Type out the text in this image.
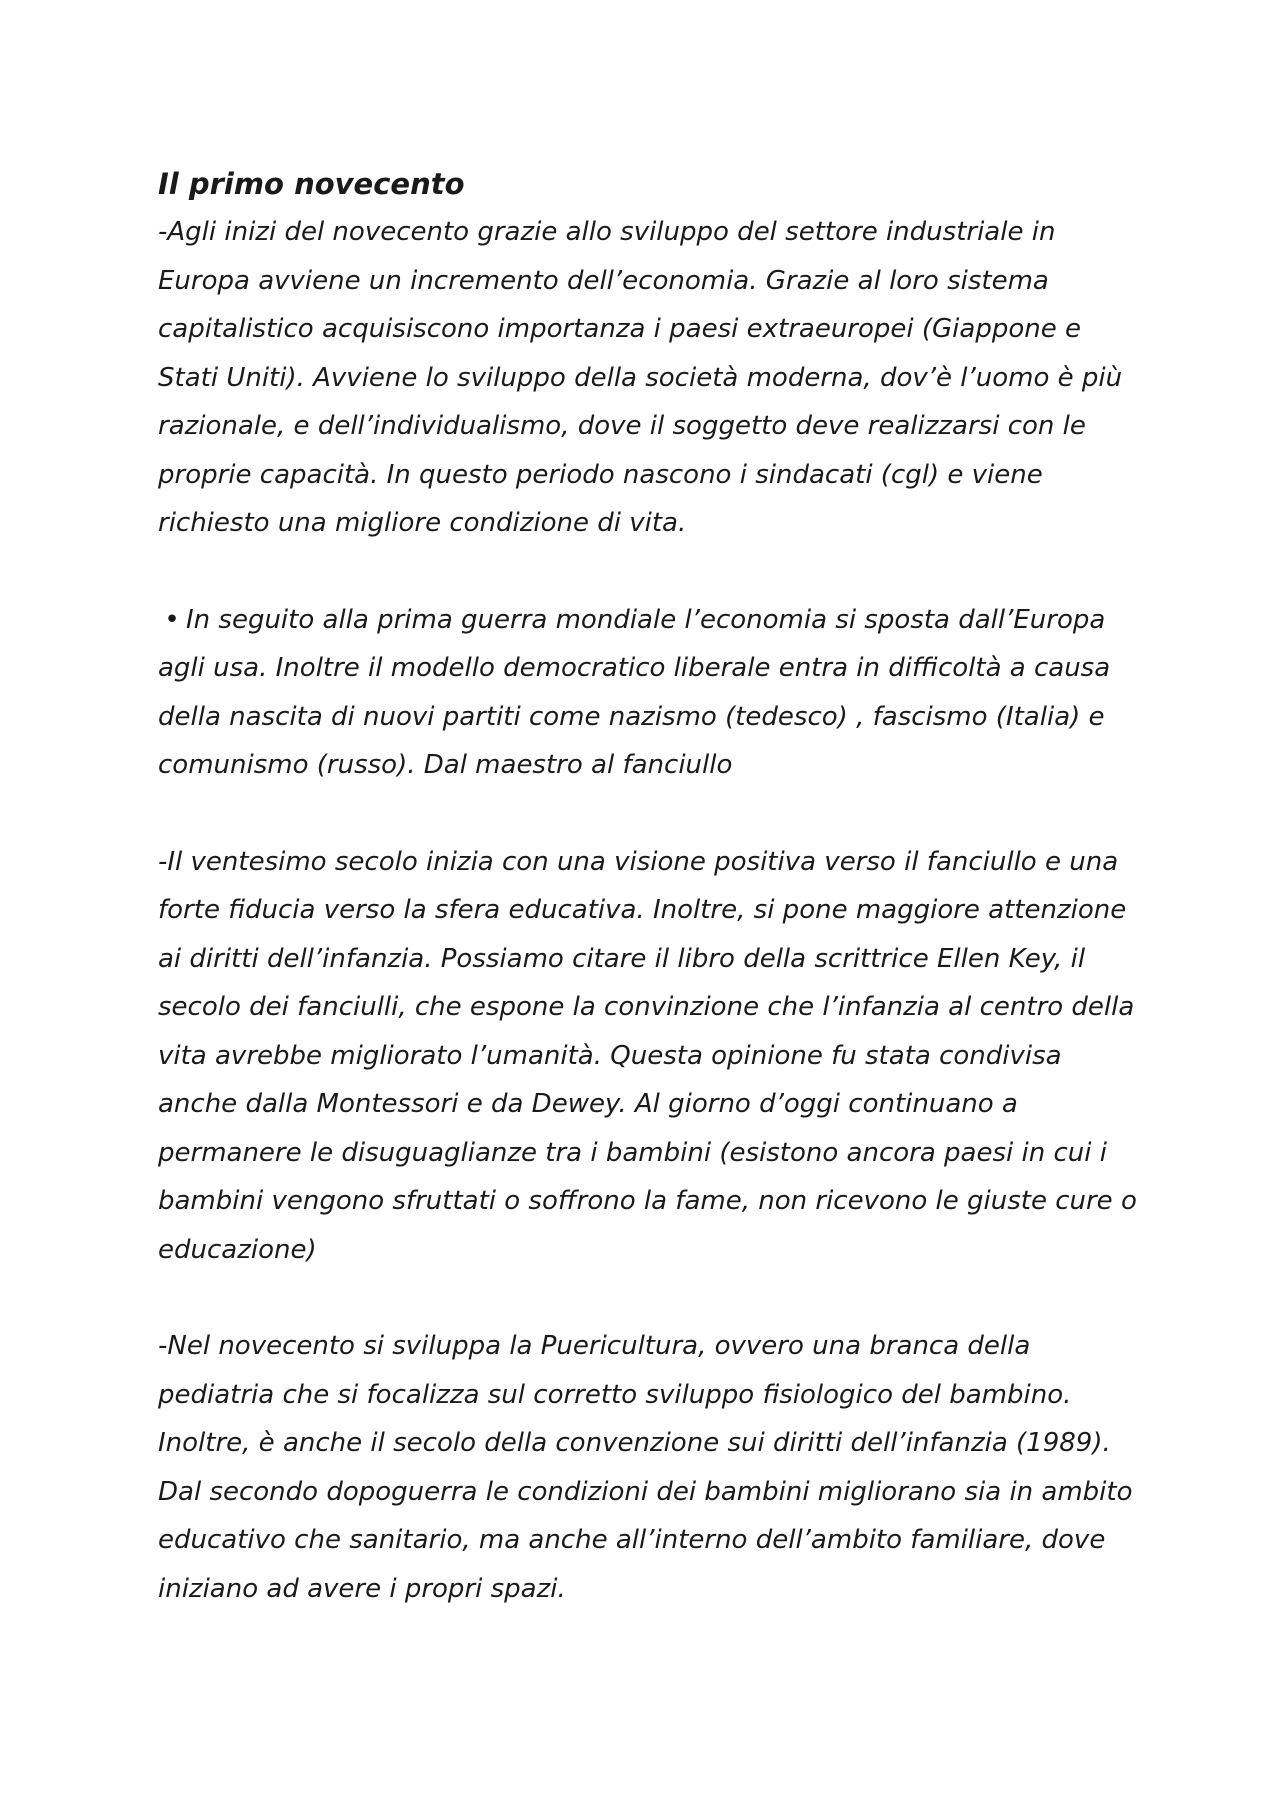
Il primo novecento

-Agli inizi del novecento grazie allo sviluppo del settore industriale in Europa avviene un incremento dell’economia. Grazie al loro sistema capitalistico acquisiscono importanza i paesi extraeuropei (Giappone e Stati Uniti). Avviene lo sviluppo della società moderna, dov’è l’uomo è più razionale, e dell’individualismo, dove il soggetto deve realizzarsi con le proprie capacità. In questo periodo nascono i sindacati (cgl) e viene richiesto una migliore condizione di vita.

• In seguito alla prima guerra mondiale l’economia si sposta dall’Europa agli usa. Inoltre il modello democratico liberale entra in difficoltà a causa della nascita di nuovi partiti come nazismo (tedesco) , fascismo (Italia) e comunismo (russo). Dal maestro al fanciullo

-Il ventesimo secolo inizia con una visione positiva verso il fanciullo e una forte fiducia verso la sfera educativa. Inoltre, si pone maggiore attenzione ai diritti dell’infanzia. Possiamo citare il libro della scrittrice Ellen Key, il secolo dei fanciulli, che espone la convinzione che l’infanzia al centro della vita avrebbe migliorato l’umanità. Questa opinione fu stata condivisa anche dalla Montessori e da Dewey. Al giorno d’oggi continuano a permanere le disuguaglianze tra i bambini (esistono ancora paesi in cui i bambini vengono sfruttati o soffrono la fame, non ricevono le giuste cure o educazione)

-Nel novecento si sviluppa la Puericultura, ovvero una branca della pediatria che si focalizza sul corretto sviluppo fisiologico del bambino. Inoltre, è anche il secolo della convenzione sui diritti dell’infanzia (1989). Dal secondo dopoguerra le condizioni dei bambini migliorano sia in ambito educativo che sanitario, ma anche all’interno dell’ambito familiare, dove iniziano ad avere i propri spazi.
